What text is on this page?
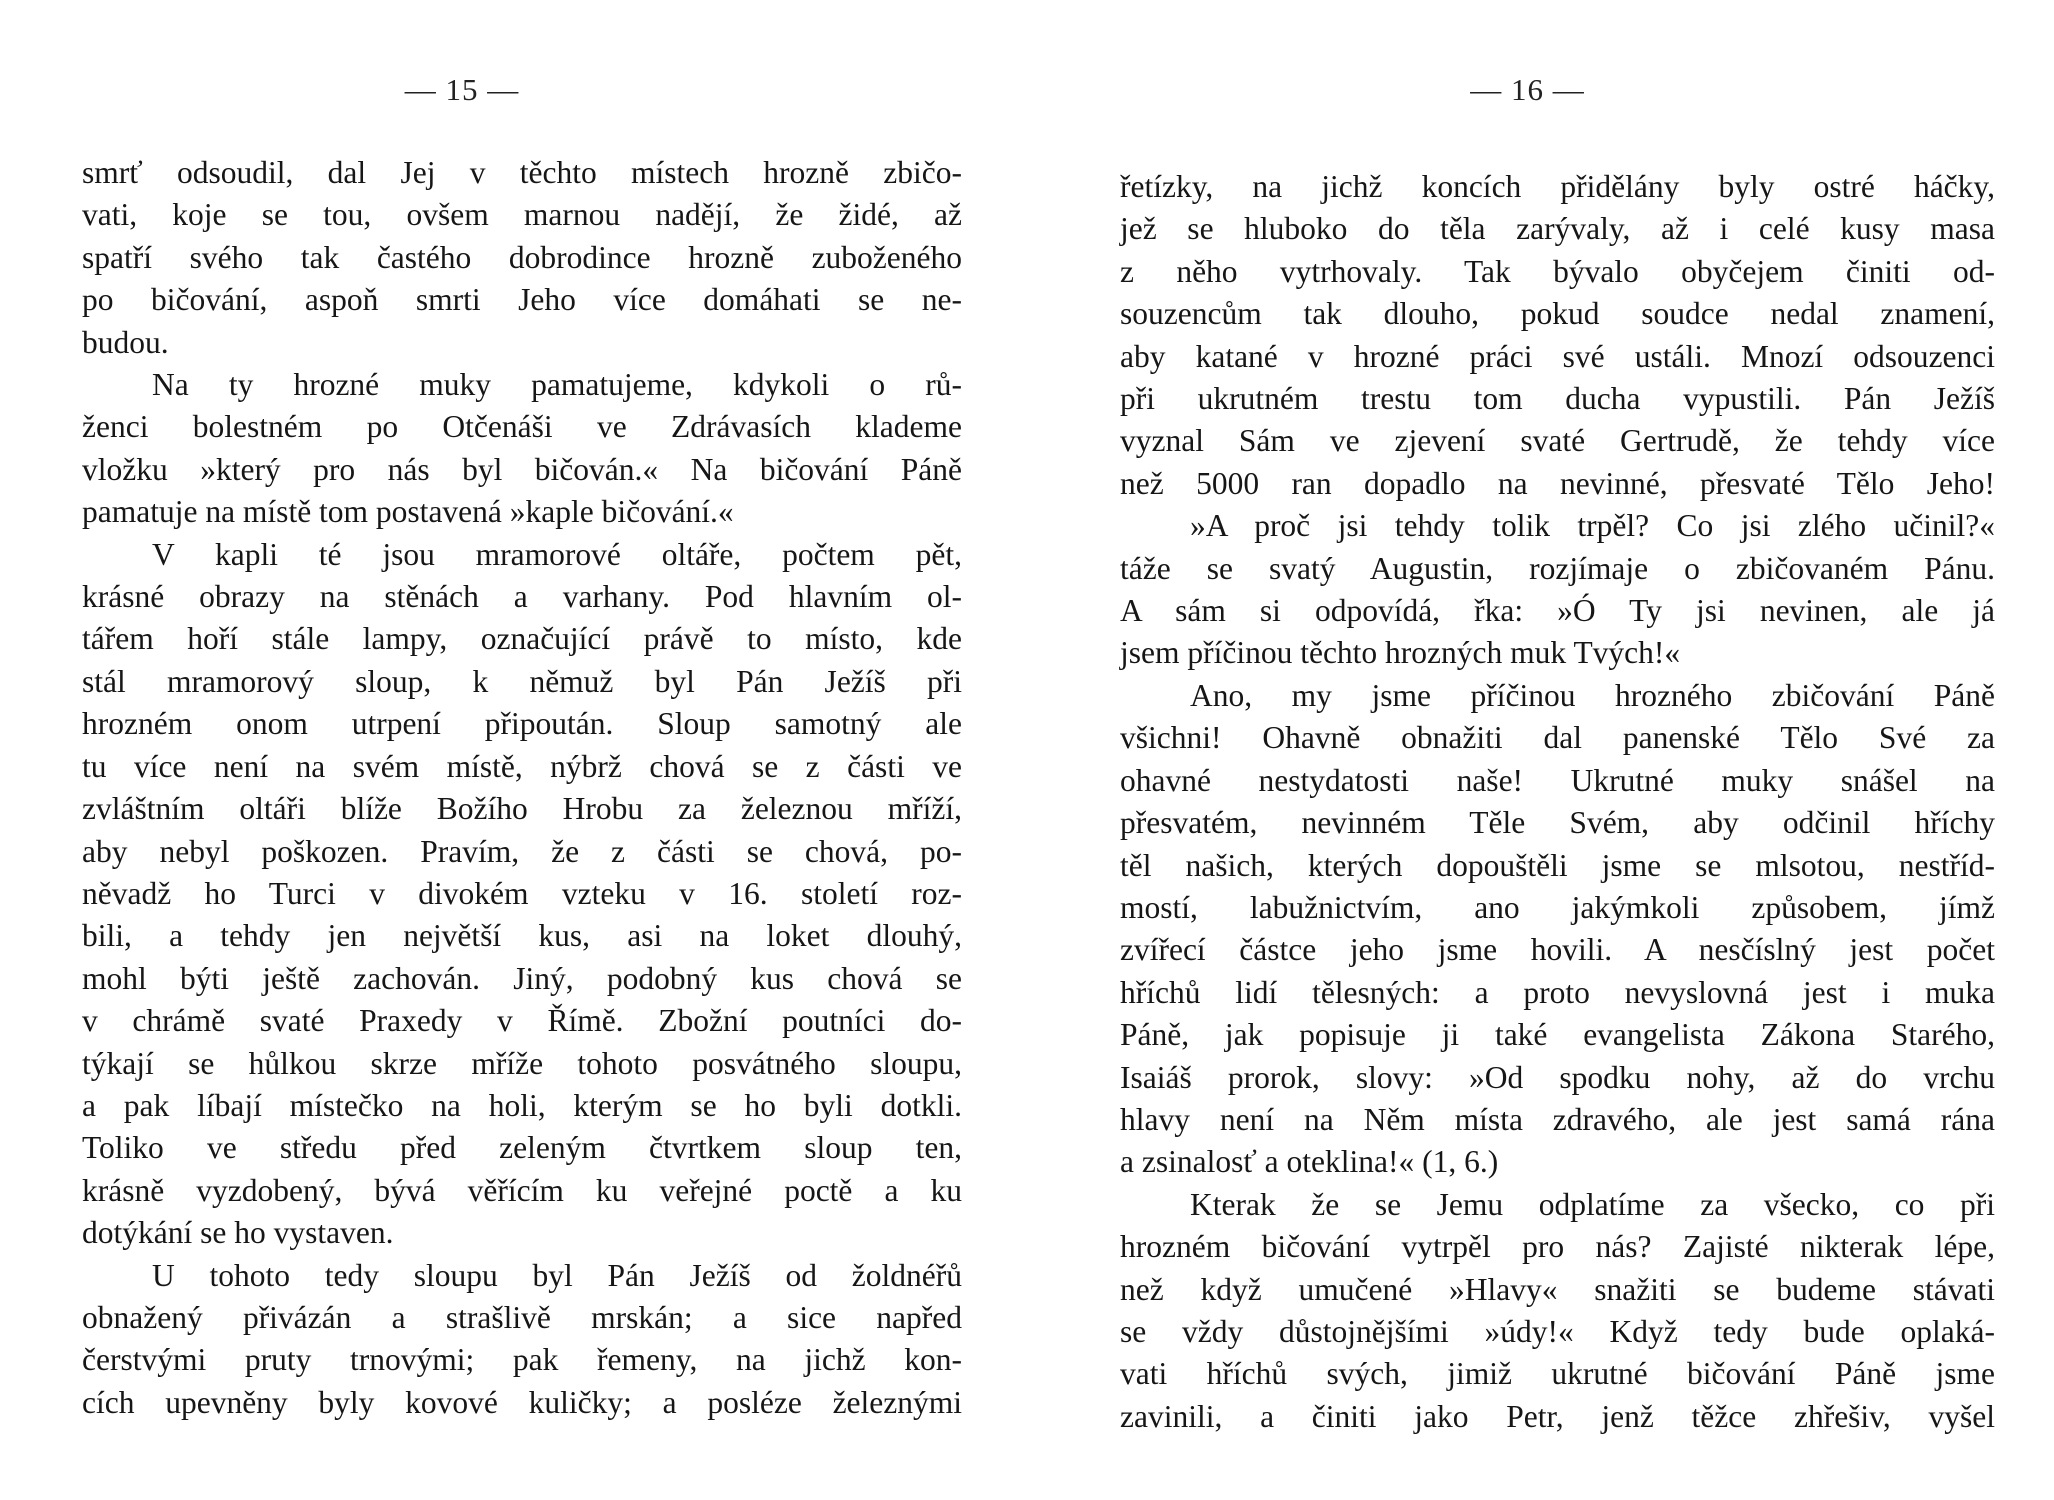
— 15 —
smrť odsoudil, dal Jej v těchto místech hrozně zbičo-
vati, koje se tou, ovšem marnou nadějí, že židé, až
spatří svého tak častého dobrodince hrozně zuboženého
po bičování, aspoň smrti Jeho více domáhati se ne-
budou.
Na ty hrozné muky pamatujeme, kdykoli o rů-
ženci bolestném po Otčenáši ve Zdrávasích klademe
vložku »který pro nás byl bičován.« Na bičování Páně
pamatuje na místě tom postavená »kaple bičování.«
V kapli té jsou mramorové oltáře, počtem pět,
krásné obrazy na stěnách a varhany. Pod hlavním ol-
tářem hoří stále lampy, označující právě to místo, kde
stál mramorový sloup, k němuž byl Pán Ježíš při
hrozném onom utrpení připoután. Sloup samotný ale
tu více není na svém místě, nýbrž chová se z části ve
zvláštním oltáři blíže Božího Hrobu za železnou mříží,
aby nebyl poškozen. Pravím, že z části se chová, po-
něvadž ho Turci v divokém vzteku v 16. století roz-
bili, a tehdy jen největší kus, asi na loket dlouhý,
mohl býti ještě zachován. Jiný, podobný kus chová se
v chrámě svaté Praxedy v Římě. Zbožní poutníci do-
týkají se hůlkou skrze mříže tohoto posvátného sloupu,
a pak líbají místečko na holi, kterým se ho byli dotkli.
Toliko ve středu před zeleným čtvrtkem sloup ten,
krásně vyzdobený, bývá věřícím ku veřejné poctě a ku
dotýkání se ho vystaven.
U tohoto tedy sloupu byl Pán Ježíš od žoldnéřů
obnažený přivázán a strašlivě mrskán; a sice napřed
čerstvými pruty trnovými; pak řemeny, na jichž kon-
cích upevněny byly kovové kuličky; a posléze železnými
— 16 —
řetízky, na jichž koncích přidělány byly ostré háčky,
jež se hluboko do těla zarývaly, až i celé kusy masa
z něho vytrhovaly. Tak bývalo obyčejem činiti od-
souzencům tak dlouho, pokud soudce nedal znamení,
aby katané v hrozné práci své ustáli. Mnozí odsouzenci
při ukrutném trestu tom ducha vypustili. Pán Ježíš
vyznal Sám ve zjevení svaté Gertrudě, že tehdy více
než 5000 ran dopadlo na nevinné, přesvaté Tělo Jeho!
»A proč jsi tehdy tolik trpěl? Co jsi zlého učinil?«
táže se svatý Augustin, rozjímaje o zbičovaném Pánu.
A sám si odpovídá, řka: »Ó Ty jsi nevinen, ale já
jsem příčinou těchto hrozných muk Tvých!«
Ano, my jsme příčinou hrozného zbičování Páně
všichni! Ohavně obnažiti dal panenské Tělo Své za
ohavné nestydatosti naše! Ukrutné muky snášel na
přesvatém, nevinném Těle Svém, aby odčinil hříchy
těl našich, kterých dopouštěli jsme se mlsotou, nestříd-
mostí, labužnictvím, ano jakýmkoli způsobem, jímž
zvířecí částce jeho jsme hovili. A nesčíslný jest počet
hříchů lidí tělesných: a proto nevyslovná jest i muka
Páně, jak popisuje ji také evangelista Zákona Starého,
Isaiáš prorok, slovy: »Od spodku nohy, až do vrchu
hlavy není na Něm místa zdravého, ale jest samá rána
a zsinalosť a oteklina!« (1, 6.)
Kterak že se Jemu odplatíme za všecko, co při
hrozném bičování vytrpěl pro nás? Zajisté nikterak lépe,
než když umučené »Hlavy« snažiti se budeme stávati
se vždy důstojnějšími »údy!« Když tedy bude oplaká-
vati hříchů svých, jimiž ukrutné bičování Páně jsme
zavinili, a činiti jako Petr, jenž těžce zhřešiv, vyšel
